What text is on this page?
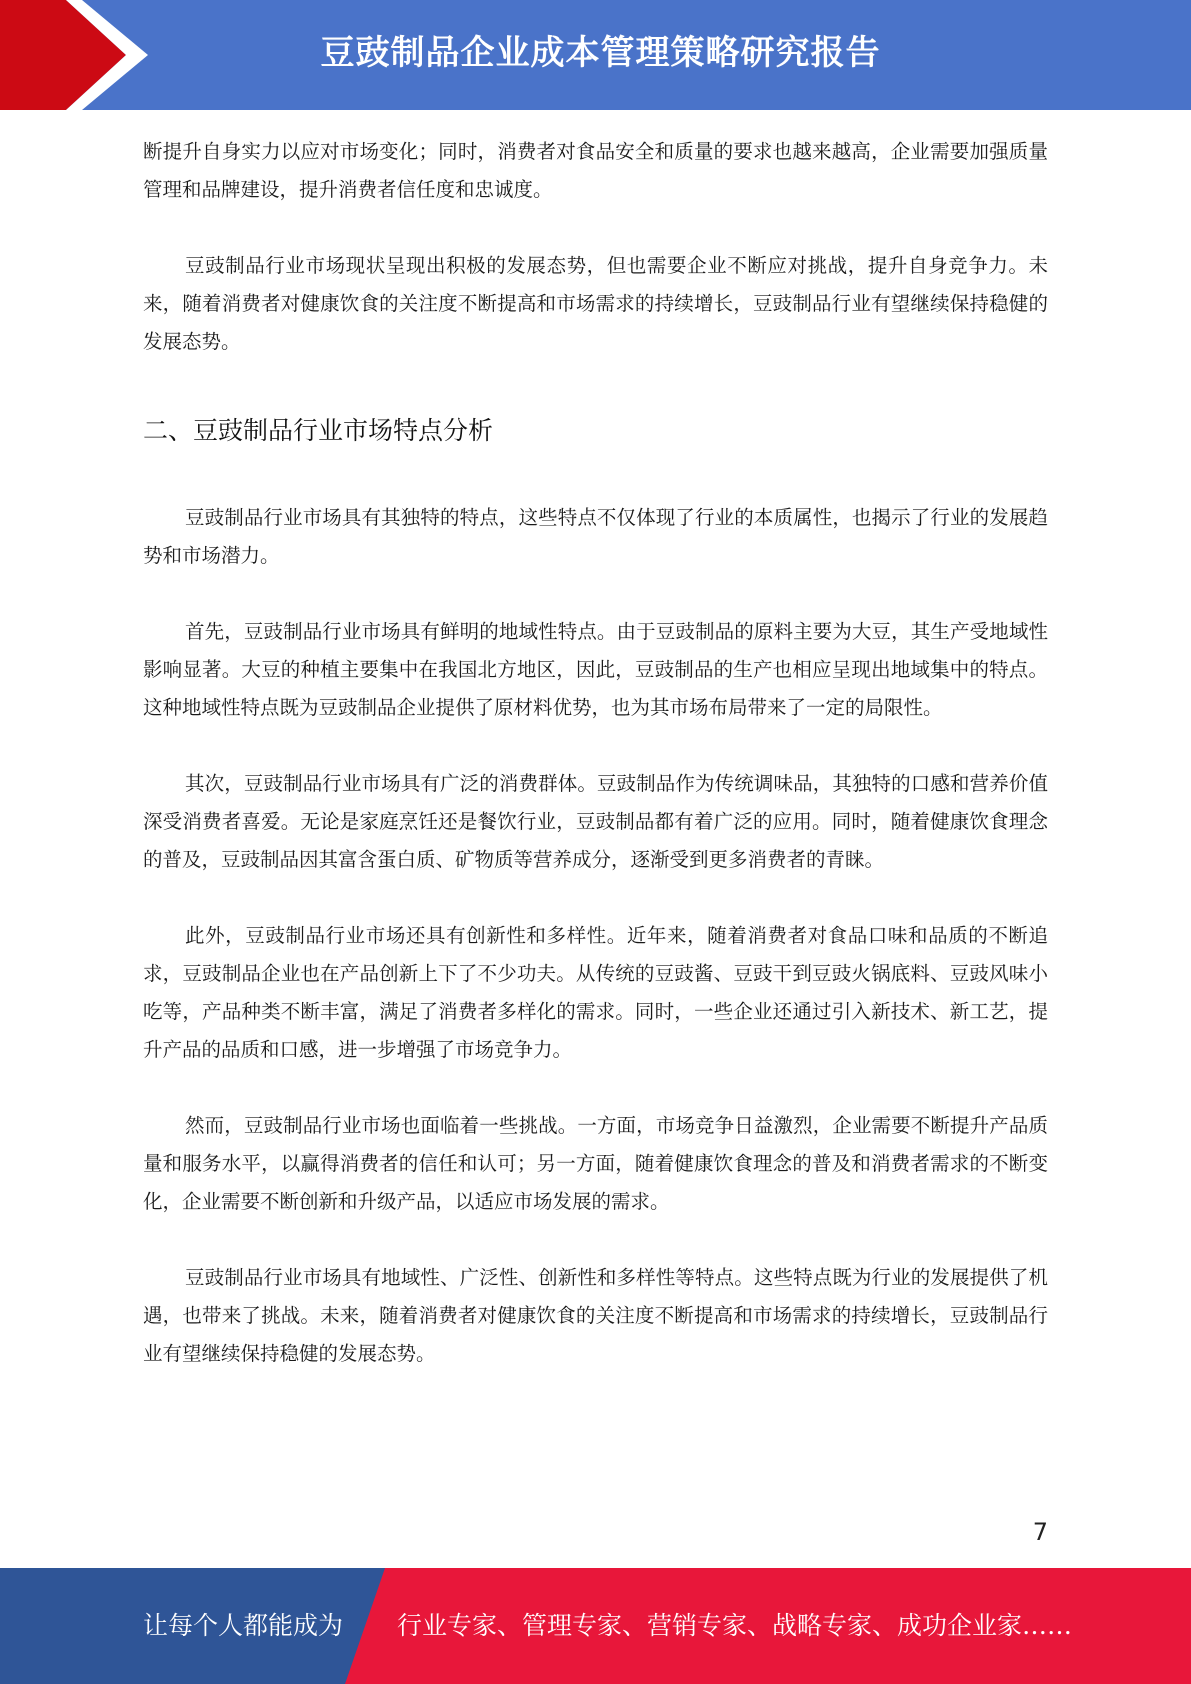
豆豉制品企业成本管理策略研究报告

断提升自身实力以应对市场变化；同时，消费者对食品安全和质量的要求也越来越高，企业需要加强质量管理和品牌建设，提升消费者信任度和忠诚度。

豆豉制品行业市场现状呈现出积极的发展态势，但也需要企业不断应对挑战，提升自身竞争力。未来，随着消费者对健康饮食的关注度不断提高和市场需求的持续增长，豆豉制品行业有望继续保持稳健的发展态势。

二、豆豉制品行业市场特点分析

豆豉制品行业市场具有其独特的特点，这些特点不仅体现了行业的本质属性，也揭示了行业的发展趋势和市场潜力。

首先，豆豉制品行业市场具有鲜明的地域性特点。由于豆豉制品的原料主要为大豆，其生产受地域性影响显著。大豆的种植主要集中在我国北方地区，因此，豆豉制品的生产也相应呈现出地域集中的特点。这种地域性特点既为豆豉制品企业提供了原材料优势，也为其市场布局带来了一定的局限性。

其次，豆豉制品行业市场具有广泛的消费群体。豆豉制品作为传统调味品，其独特的口感和营养价值深受消费者喜爱。无论是家庭烹饪还是餐饮行业，豆豉制品都有着广泛的应用。同时，随着健康饮食理念的普及，豆豉制品因其富含蛋白质、矿物质等营养成分，逐渐受到更多消费者的青睐。

此外，豆豉制品行业市场还具有创新性和多样性。近年来，随着消费者对食品口味和品质的不断追求，豆豉制品企业也在产品创新上下了不少功夫。从传统的豆豉酱、豆豉干到豆豉火锅底料、豆豉风味小吃等，产品种类不断丰富，满足了消费者多样化的需求。同时，一些企业还通过引入新技术、新工艺，提升产品的品质和口感，进一步增强了市场竞争力。

然而，豆豉制品行业市场也面临着一些挑战。一方面，市场竞争日益激烈，企业需要不断提升产品质量和服务水平，以赢得消费者的信任和认可；另一方面，随着健康饮食理念的普及和消费者需求的不断变化，企业需要不断创新和升级产品，以适应市场发展的需求。

豆豉制品行业市场具有地域性、广泛性、创新性和多样性等特点。这些特点既为行业的发展提供了机遇，也带来了挑战。未来，随着消费者对健康饮食的关注度不断提高和市场需求的持续增长，豆豉制品行业有望继续保持稳健的发展态势。

7
让每个人都能成为 行业专家、管理专家、营销专家、战略专家、成功企业家……
